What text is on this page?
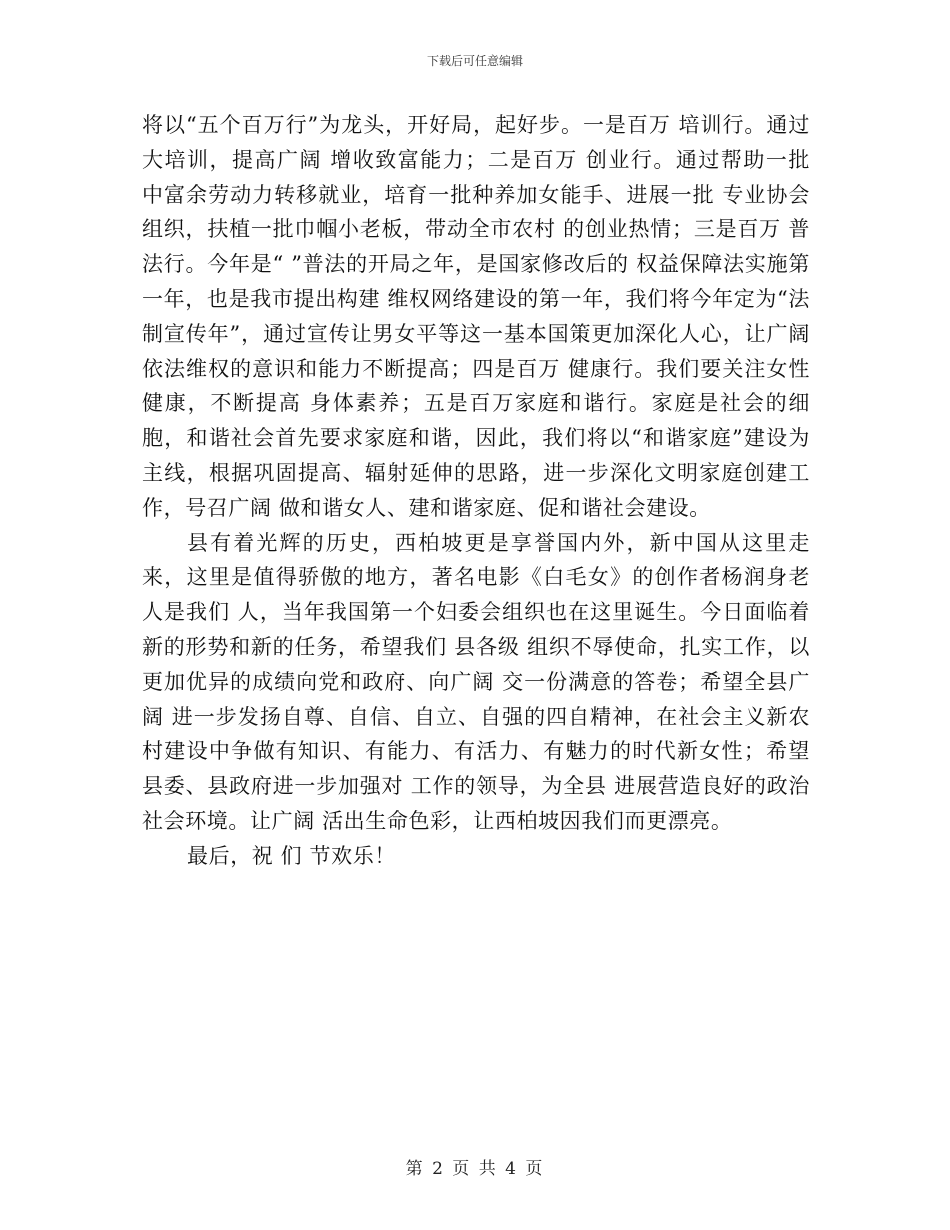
下载后可任意编辑

将以“五个百万行”为龙头，开好局，起好步。一是百万 培训行。通过大培训，提高广阔 增收致富能力；二是百万 创业行。通过帮助一批 中富余劳动力转移就业，培育一批种养加女能手、进展一批 专业协会组织，扶植一批巾帼小老板，带动全市农村 的创业热情；三是百万 普法行。今年是“ ”普法的开局之年，是国家修改后的 权益保障法实施第一年，也是我市提出构建 维权网络建设的第一年，我们将今年定为“法制宣传年”，通过宣传让男女平等这一基本国策更加深化人心，让广阔 依法维权的意识和能力不断提高；四是百万 健康行。我们要关注女性健康，不断提高 身体素养；五是百万家庭和谐行。家庭是社会的细胞，和谐社会首先要求家庭和谐，因此，我们将以“和谐家庭”建设为主线，根据巩固提高、辐射延伸的思路，进一步深化文明家庭创建工作，号召广阔 做和谐女人、建和谐家庭、促和谐社会建设。

县有着光辉的历史，西柏坡更是享誉国内外，新中国从这里走来，这里是值得骄傲的地方，著名电影《白毛女》的创作者杨润身老人是我们 人，当年我国第一个妇委会组织也在这里诞生。今日面临着新的形势和新的任务，希望我们 县各级 组织不辱使命，扎实工作，以更加优异的成绩向党和政府、向广阔 交一份满意的答卷；希望全县广阔 进一步发扬自尊、自信、自立、自强的四自精神，在社会主义新农村建设中争做有知识、有能力、有活力、有魅力的时代新女性；希望 县委、县政府进一步加强对 工作的领导，为全县 进展营造良好的政治社会环境。让广阔 活出生命色彩，让西柏坡因我们而更漂亮。

最后，祝 们 节欢乐！

第 2 页 共 4 页
